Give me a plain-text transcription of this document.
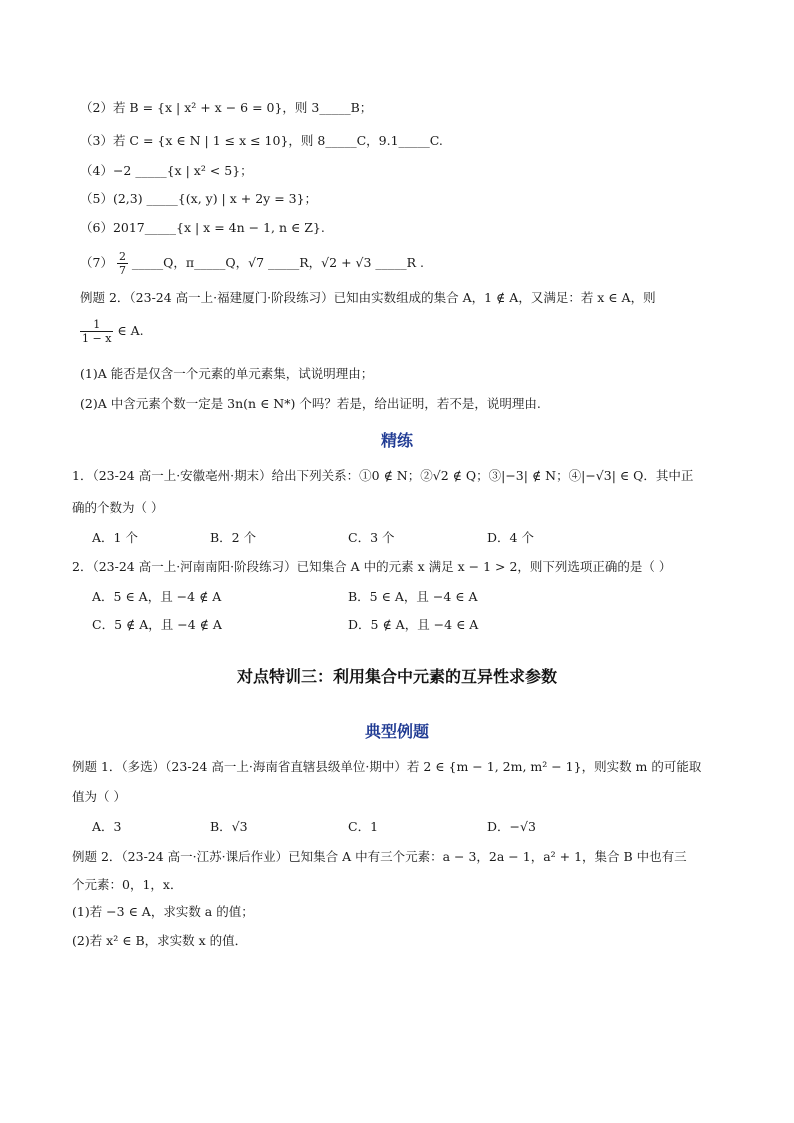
（2）若 B = {x | x² + x − 6 = 0}，则 3_____B；
（3）若 C = {x ∈ N | 1 ≤ x ≤ 10}，则 8_____C，9.1_____C.
（4）−2 _____{x | x² < 5}；
（5）(2,3) _____{(x, y) | x + 2y = 3}；
（6）2017_____{x | x = 4n − 1, n ∈ Z}.
$(7) \frac{2}{7}$ _____Q，π_____Q，√7 _____R，√2 + √3 _____R .
例题 2．（23-24 高一上·福建厦门·阶段练习）已知由实数组成的集合 A，1 ∉ A，又满足：若 x ∈ A，则
$\frac{1}{1 - x}$ ∈ A.
(1)A 能否是仅含一个元素的单元素集，试说明理由；
(2)A 中含元素个数一定是 3n(n ∈ N*) 个吗？若是，给出证明，若不是，说明理由.
精练
1．（23-24 高一上·安徽亳州·期末）给出下列关系：①0 ∉ N；②√2 ∉ Q；③|−3| ∉ N；④|−√3| ∈ Q．其中正
确的个数为（ ）
A．1 个	B．2 个	C．3 个	D．4 个
2．（23-24 高一上·河南南阳·阶段练习）已知集合 A 中的元素 x 满足 x − 1 > 2，则下列选项正确的是（ ）
A．5 ∈ A，且 −4 ∉ A	B．5 ∈ A，且 −4 ∈ A
C．5 ∉ A，且 −4 ∉ A	D．5 ∉ A，且 −4 ∈ A
对点特训三：利用集合中元素的互异性求参数
典型例题
例题 1．（多选）（23-24 高一上·海南省直辖县级单位·期中）若 2 ∈ {m − 1, 2m, m² − 1}，则实数 m 的可能取
值为（ ）
A．3	B．√3	C．1	D．−√3
例题 2．（23-24 高一·江苏·课后作业）已知集合 A 中有三个元素：a − 3，2a − 1，a² + 1，集合 B 中也有三
个元素：0，1，x．
(1)若 −3 ∈ A，求实数 a 的值；
(2)若 x² ∈ B，求实数 x 的值．
